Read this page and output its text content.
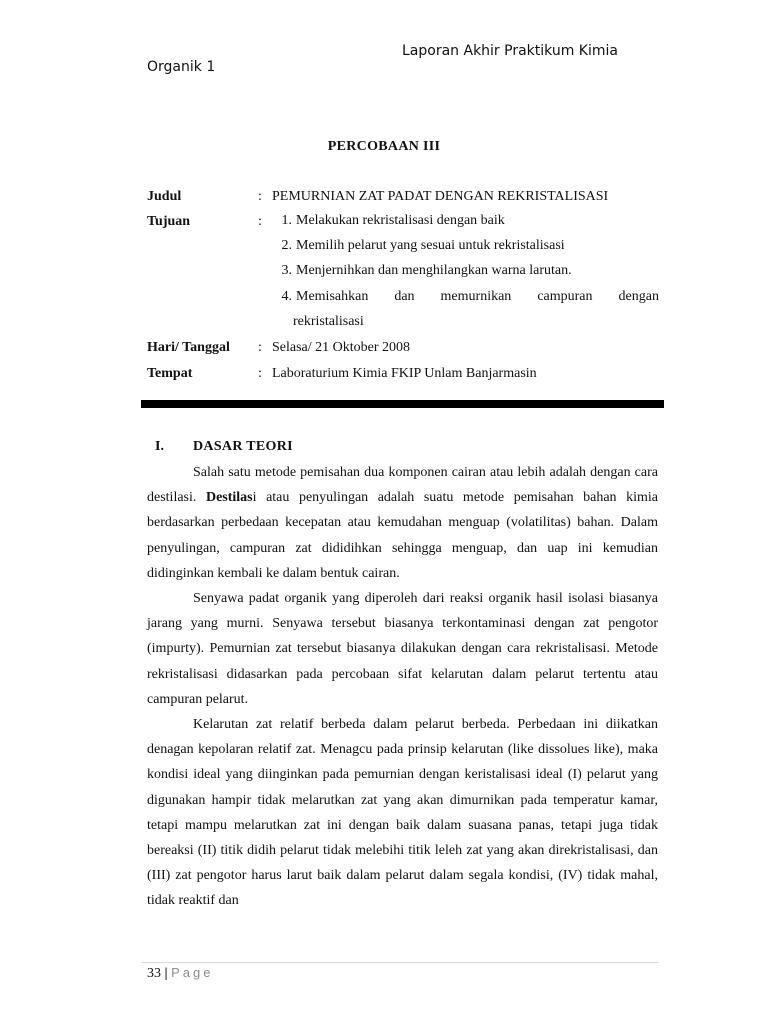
Laporan Akhir Praktikum Kimia
Organik 1
PERCOBAAN III
Judul	: PEMURNIAN ZAT PADAT DENGAN REKRISTALISASI
Tujuan	:	1. Melakukan rekristalisasi dengan baik
2. Memilih pelarut yang sesuai untuk rekristalisasi
3. Menjernihkan dan menghilangkan warna larutan.
4. Memisahkan dan memurnikan campuran dengan
rekristalisasi
Hari/ Tanggal : Selasa/ 21 Oktober 2008
Tempat	: Laboraturium Kimia FKIP Unlam Banjarmasin
I. DASAR TEORI

Salah satu metode pemisahan dua komponen cairan atau lebih adalah dengan cara destilasi. Destilasi atau penyulingan adalah suatu metode pemisahan bahan kimia berdasarkan perbedaan kecepatan atau kemudahan menguap (volatilitas) bahan. Dalam penyulingan, campuran zat dididihkan sehingga menguap, dan uap ini kemudian didinginkan kembali ke dalam bentuk cairan.

Senyawa padat organik yang diperoleh dari reaksi organik hasil isolasi biasanya jarang yang murni. Senyawa tersebut biasanya terkontaminasi dengan zat pengotor (impurty). Pemurnian zat tersebut biasanya dilakukan dengan cara rekristalisasi. Metode rekristalisasi didasarkan pada percobaan sifat kelarutan dalam pelarut tertentu atau campuran pelarut.

Kelarutan zat relatif berbeda dalam pelarut berbeda. Perbedaan ini diikatkan denagan kepolaran relatif zat. Menagcu pada prinsip kelarutan (like dissolues like), maka kondisi ideal yang diinginkan pada pemurnian dengan keristalisasi ideal (I) pelarut yang digunakan hampir tidak melarutkan zat yang akan dimurnikan pada temperatur kamar, tetapi mampu melarutkan zat ini dengan baik dalam suasana panas, tetapi juga tidak bereaksi (II) titik didih pelarut tidak melebihi titik leleh zat yang akan direkristalisasi, dan (III) zat pengotor harus larut baik dalam pelarut dalam segala kondisi, (IV) tidak mahal, tidak reaktif dan

33 | Page
